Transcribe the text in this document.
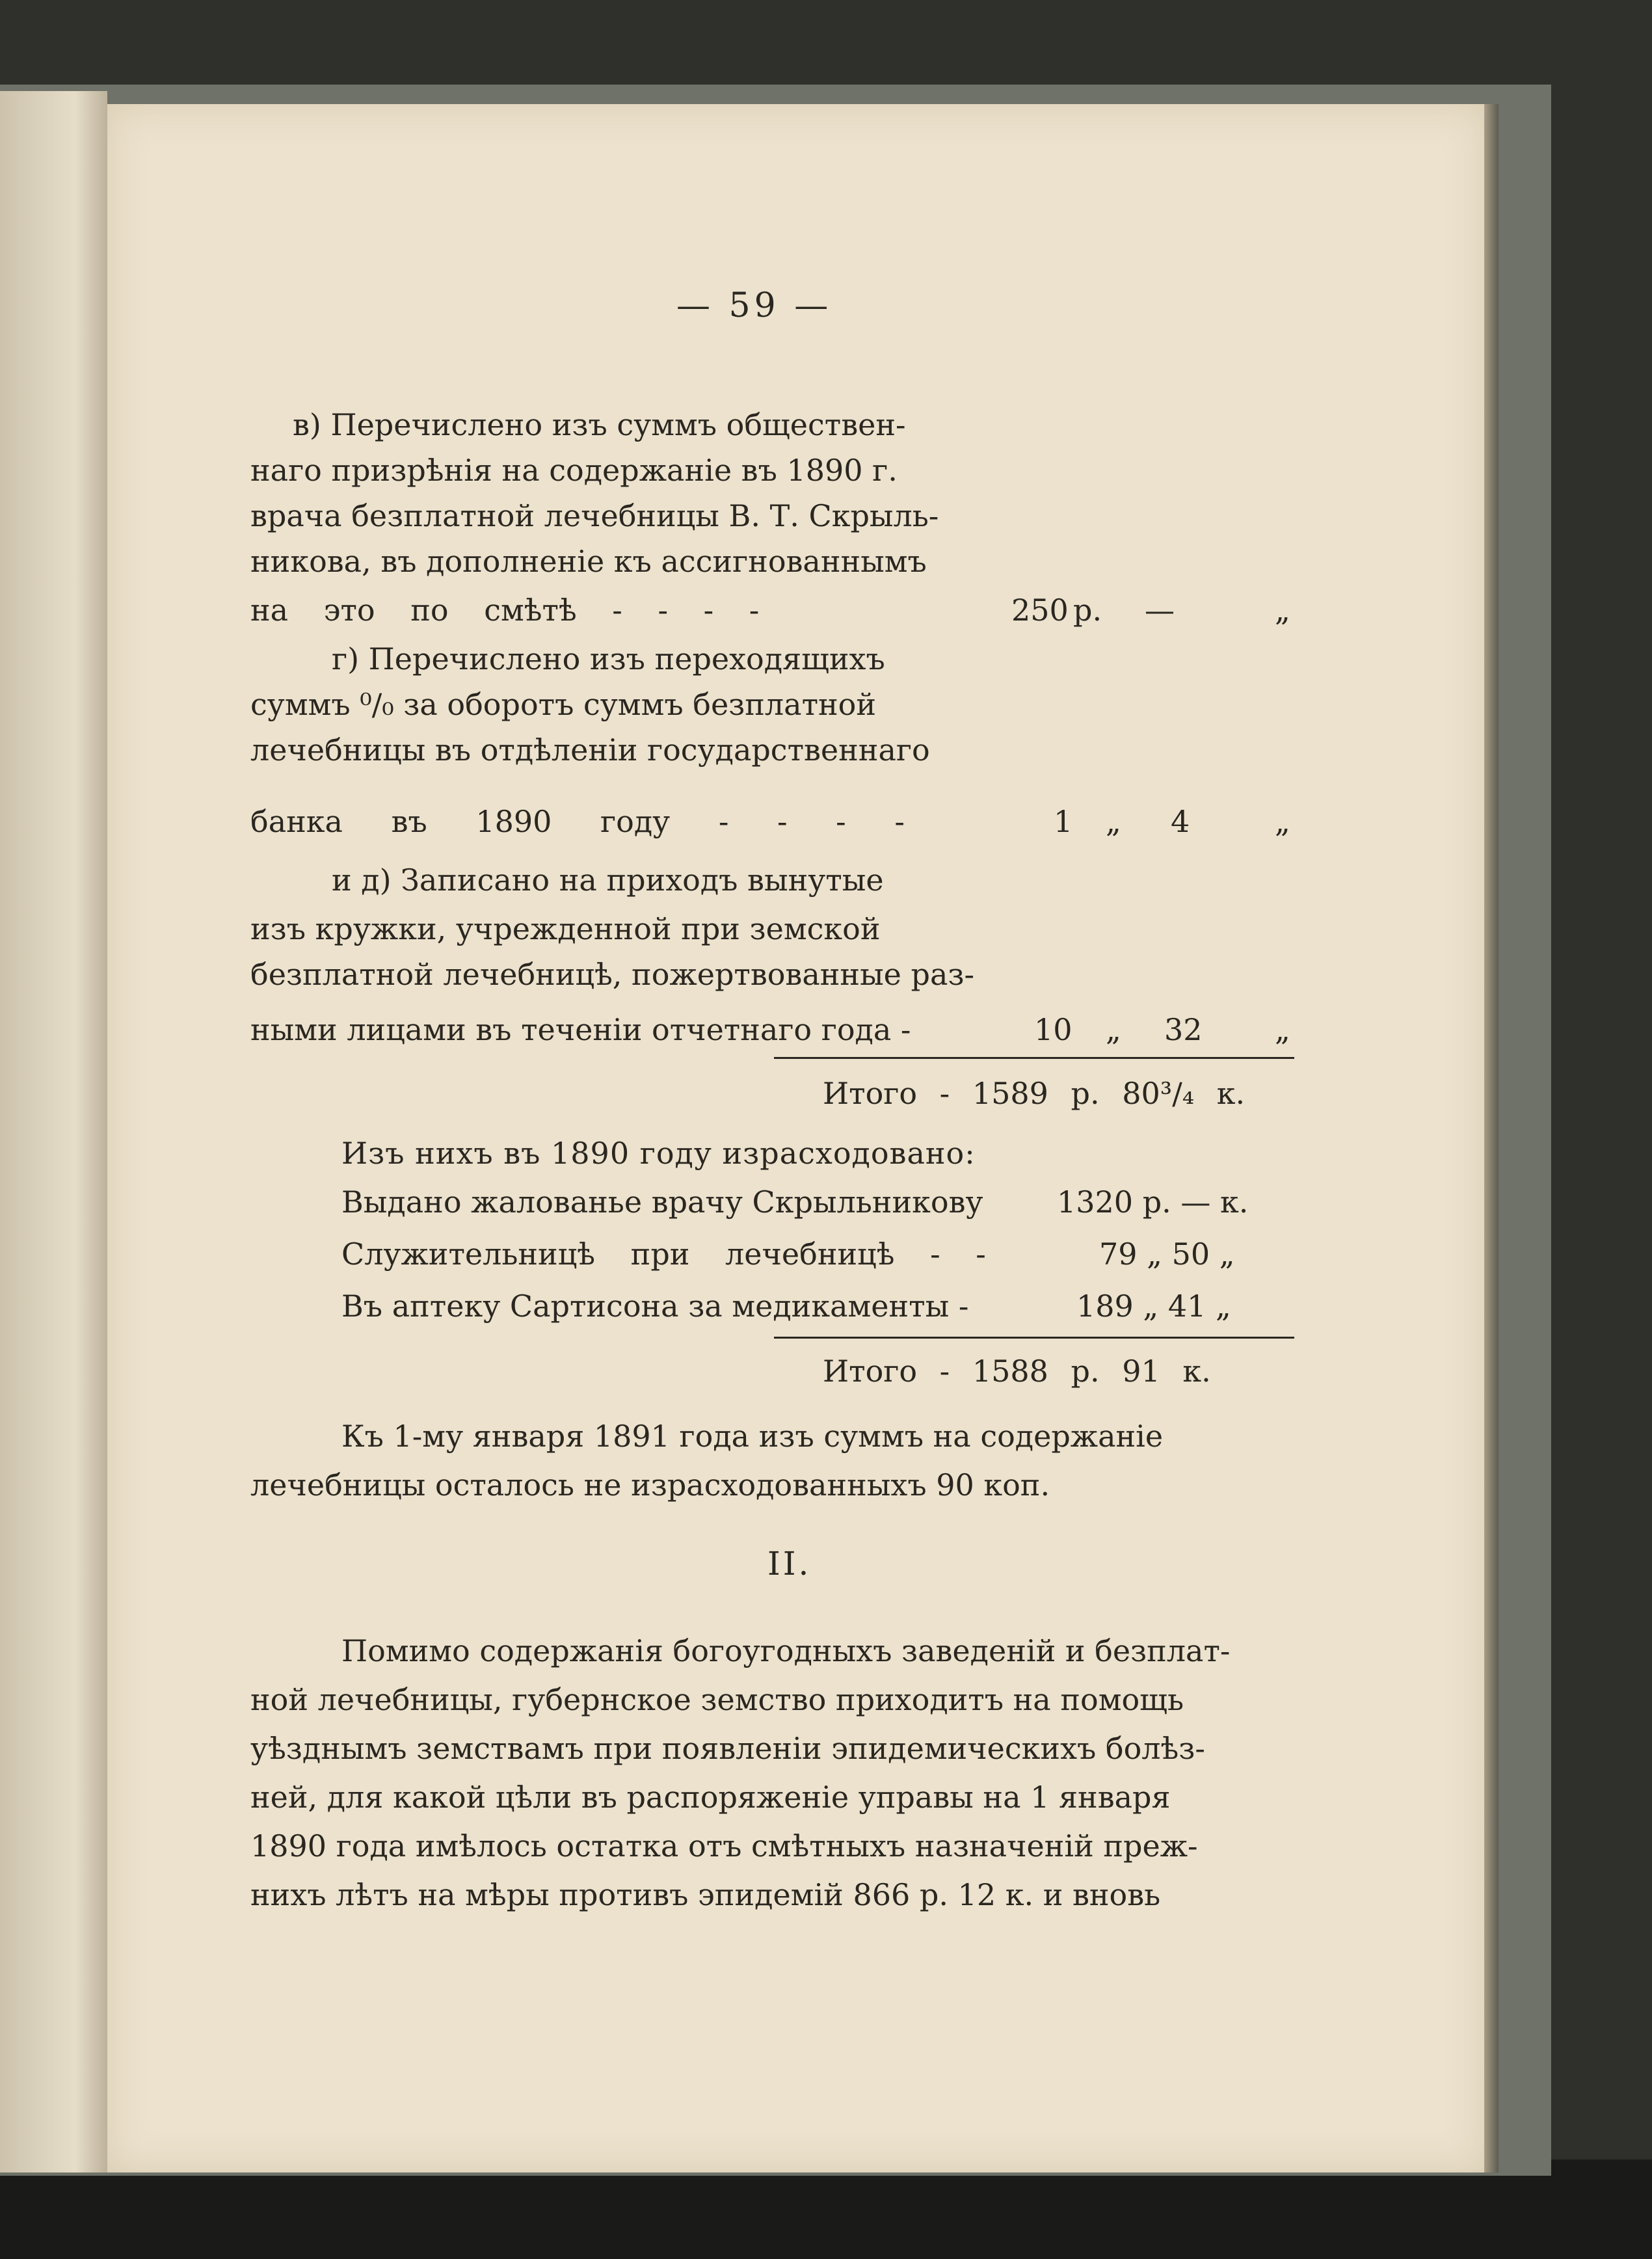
— 59 —
в) Перечислено изъ суммъ обществен-
наго призрѣнія на содержаніе въ 1890 г.
врача безплатной лечебницы В. Т. Скрыль-
никова, въ дополненіе къ ассигнованнымъ
на это по смѣтѣ - - - -	250 р. —	„
г) Перечислено изъ переходящихъ
суммъ ⁰/₀ за оборотъ суммъ безплатной
лечебницы въ отдѣленіи государственнаго
банка въ 1890 году - - - -	1 „ 4	„
и д) Записано на приходъ вынутые
изъ кружки, учрежденной при земской
безплатной лечебницѣ, пожертвованные раз-
ными лицами въ теченіи отчетнаго года -	10 „ 32 „
Итого - 1589 р. 80³/₄ к.
Изъ нихъ въ 1890 году израсходовано:
Выдано жалованье врачу Скрыльникову 1320 р. — к.
Служительницѣ при лечебницѣ - -	79 „ 50 „
Въ аптеку Сартисона за медикаменты -	189 „ 41 „
Итого - 1588 р. 91 к.
Къ 1-му января 1891 года изъ суммъ на содержаніе
лечебницы осталось не израсходованныхъ 90 коп.
II.
Помимо содержанія богоугодныхъ заведеній и безплат-
ной лечебницы, губернское земство приходитъ на помощь
уѣзднымъ земствамъ при появленіи эпидемическихъ болѣз-
ней, для какой цѣли въ распоряженіе управы на 1 января
1890 года имѣлось остатка отъ смѣтныхъ назначеній преж-
нихъ лѣтъ на мѣры противъ эпидемій 866 р. 12 к. и вновь
